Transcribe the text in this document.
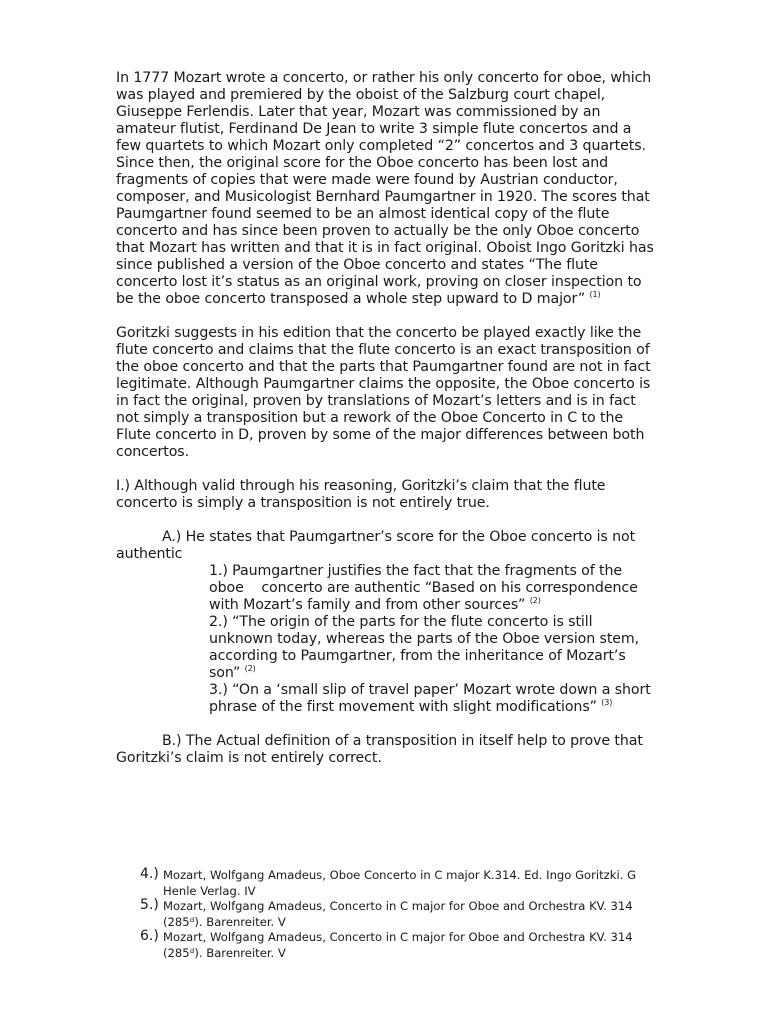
In 1777 Mozart wrote a concerto, or rather his only concerto for oboe, which was played and premiered by the oboist of the Salzburg court chapel, Giuseppe Ferlendis. Later that year, Mozart was commissioned by an amateur flutist, Ferdinand De Jean to write 3 simple flute concertos and a few quartets to which Mozart only completed “2” concertos and 3 quartets. Since then, the original score for the Oboe concerto has been lost and fragments of copies that were made were found by Austrian conductor, composer, and Musicologist Bernhard Paumgartner in 1920. The scores that Paumgartner found seemed to be an almost identical copy of the flute concerto and has since been proven to actually be the only Oboe concerto that Mozart has written and that it is in fact original. Oboist Ingo Goritzki has since published a version of the Oboe concerto and states “The flute concerto lost it’s status as an original work, proving on closer inspection to be the oboe concerto transposed a whole step upward to D major” $^{(1)}$

Goritzki suggests in his edition that the concerto be played exactly like the flute concerto and claims that the flute concerto is an exact transposition of the oboe concerto and that the parts that Paumgartner found are not in fact legitimate. Although Paumgartner claims the opposite, the Oboe concerto is in fact the original, proven by translations of Mozart’s letters and is in fact not simply a transposition but a rework of the Oboe Concerto in C to the Flute concerto in D, proven by some of the major differences between both concertos.

I.) Although valid through his reasoning, Goritzki’s claim that the flute concerto is simply a transposition is not entirely true.

A.) He states that Paumgartner’s score for the Oboe concerto is not authentic

1.) Paumgartner justifies the fact that the fragments of the oboe concerto are authentic “Based on his correspondence with Mozart’s family and from other sources” $^{(2)}$

2.) “The origin of the parts for the flute concerto is still unknown today, whereas the parts of the Oboe version stem, according to Paumgartner, from the inheritance of Mozart’s son” $^{(2)}$

3.) “On a ‘small slip of travel paper’ Mozart wrote down a short phrase of the first movement with slight modifications” $^{(3)}$

B.) The Actual definition of a transposition in itself help to prove that Goritzki’s claim is not entirely correct.

4.) Mozart, Wolfgang Amadeus, Oboe Concerto in C major K.314. Ed. Ingo Goritzki. G Henle Verlag. IV
5.) Mozart, Wolfgang Amadeus, Concerto in C major for Oboe and Orchestra KV. 314 (285ᵈ). Barenreiter. V
6.) Mozart, Wolfgang Amadeus, Concerto in C major for Oboe and Orchestra KV. 314 (285ᵈ). Barenreiter. V
